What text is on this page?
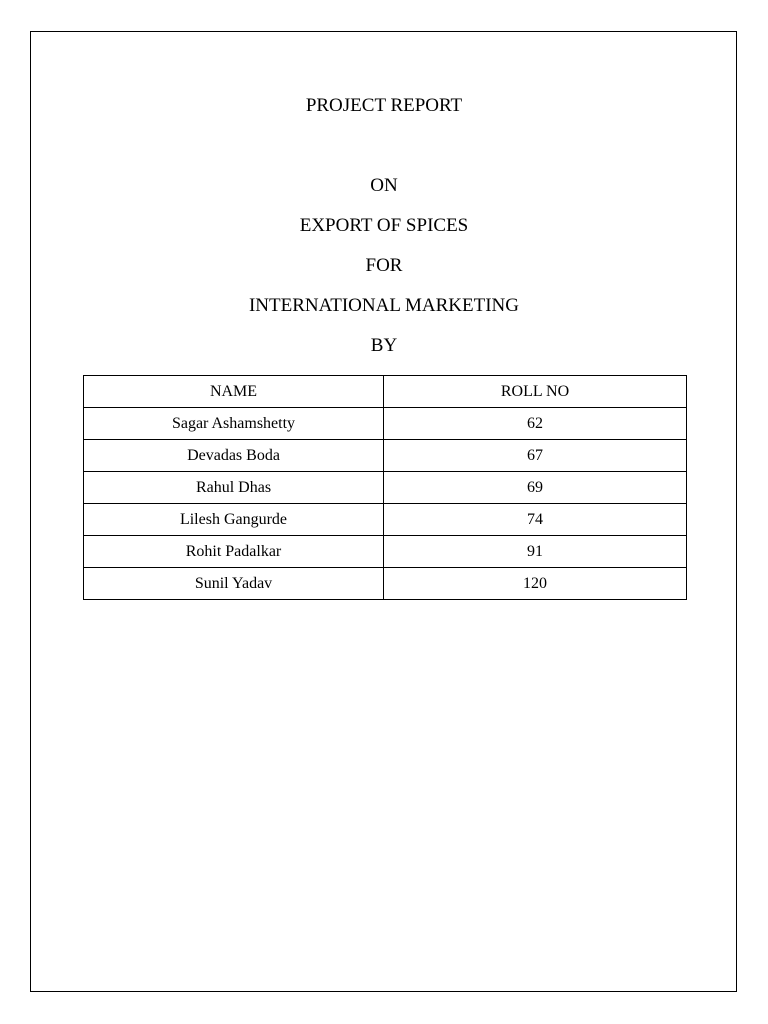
PROJECT REPORT
ON
EXPORT OF SPICES
FOR
INTERNATIONAL MARKETING
BY
NAME	ROLL NO
Sagar Ashamshetty	62
Devadas Boda	67
Rahul Dhas	69
Lilesh Gangurde	74
Rohit Padalkar	91
Sunil Yadav	120
